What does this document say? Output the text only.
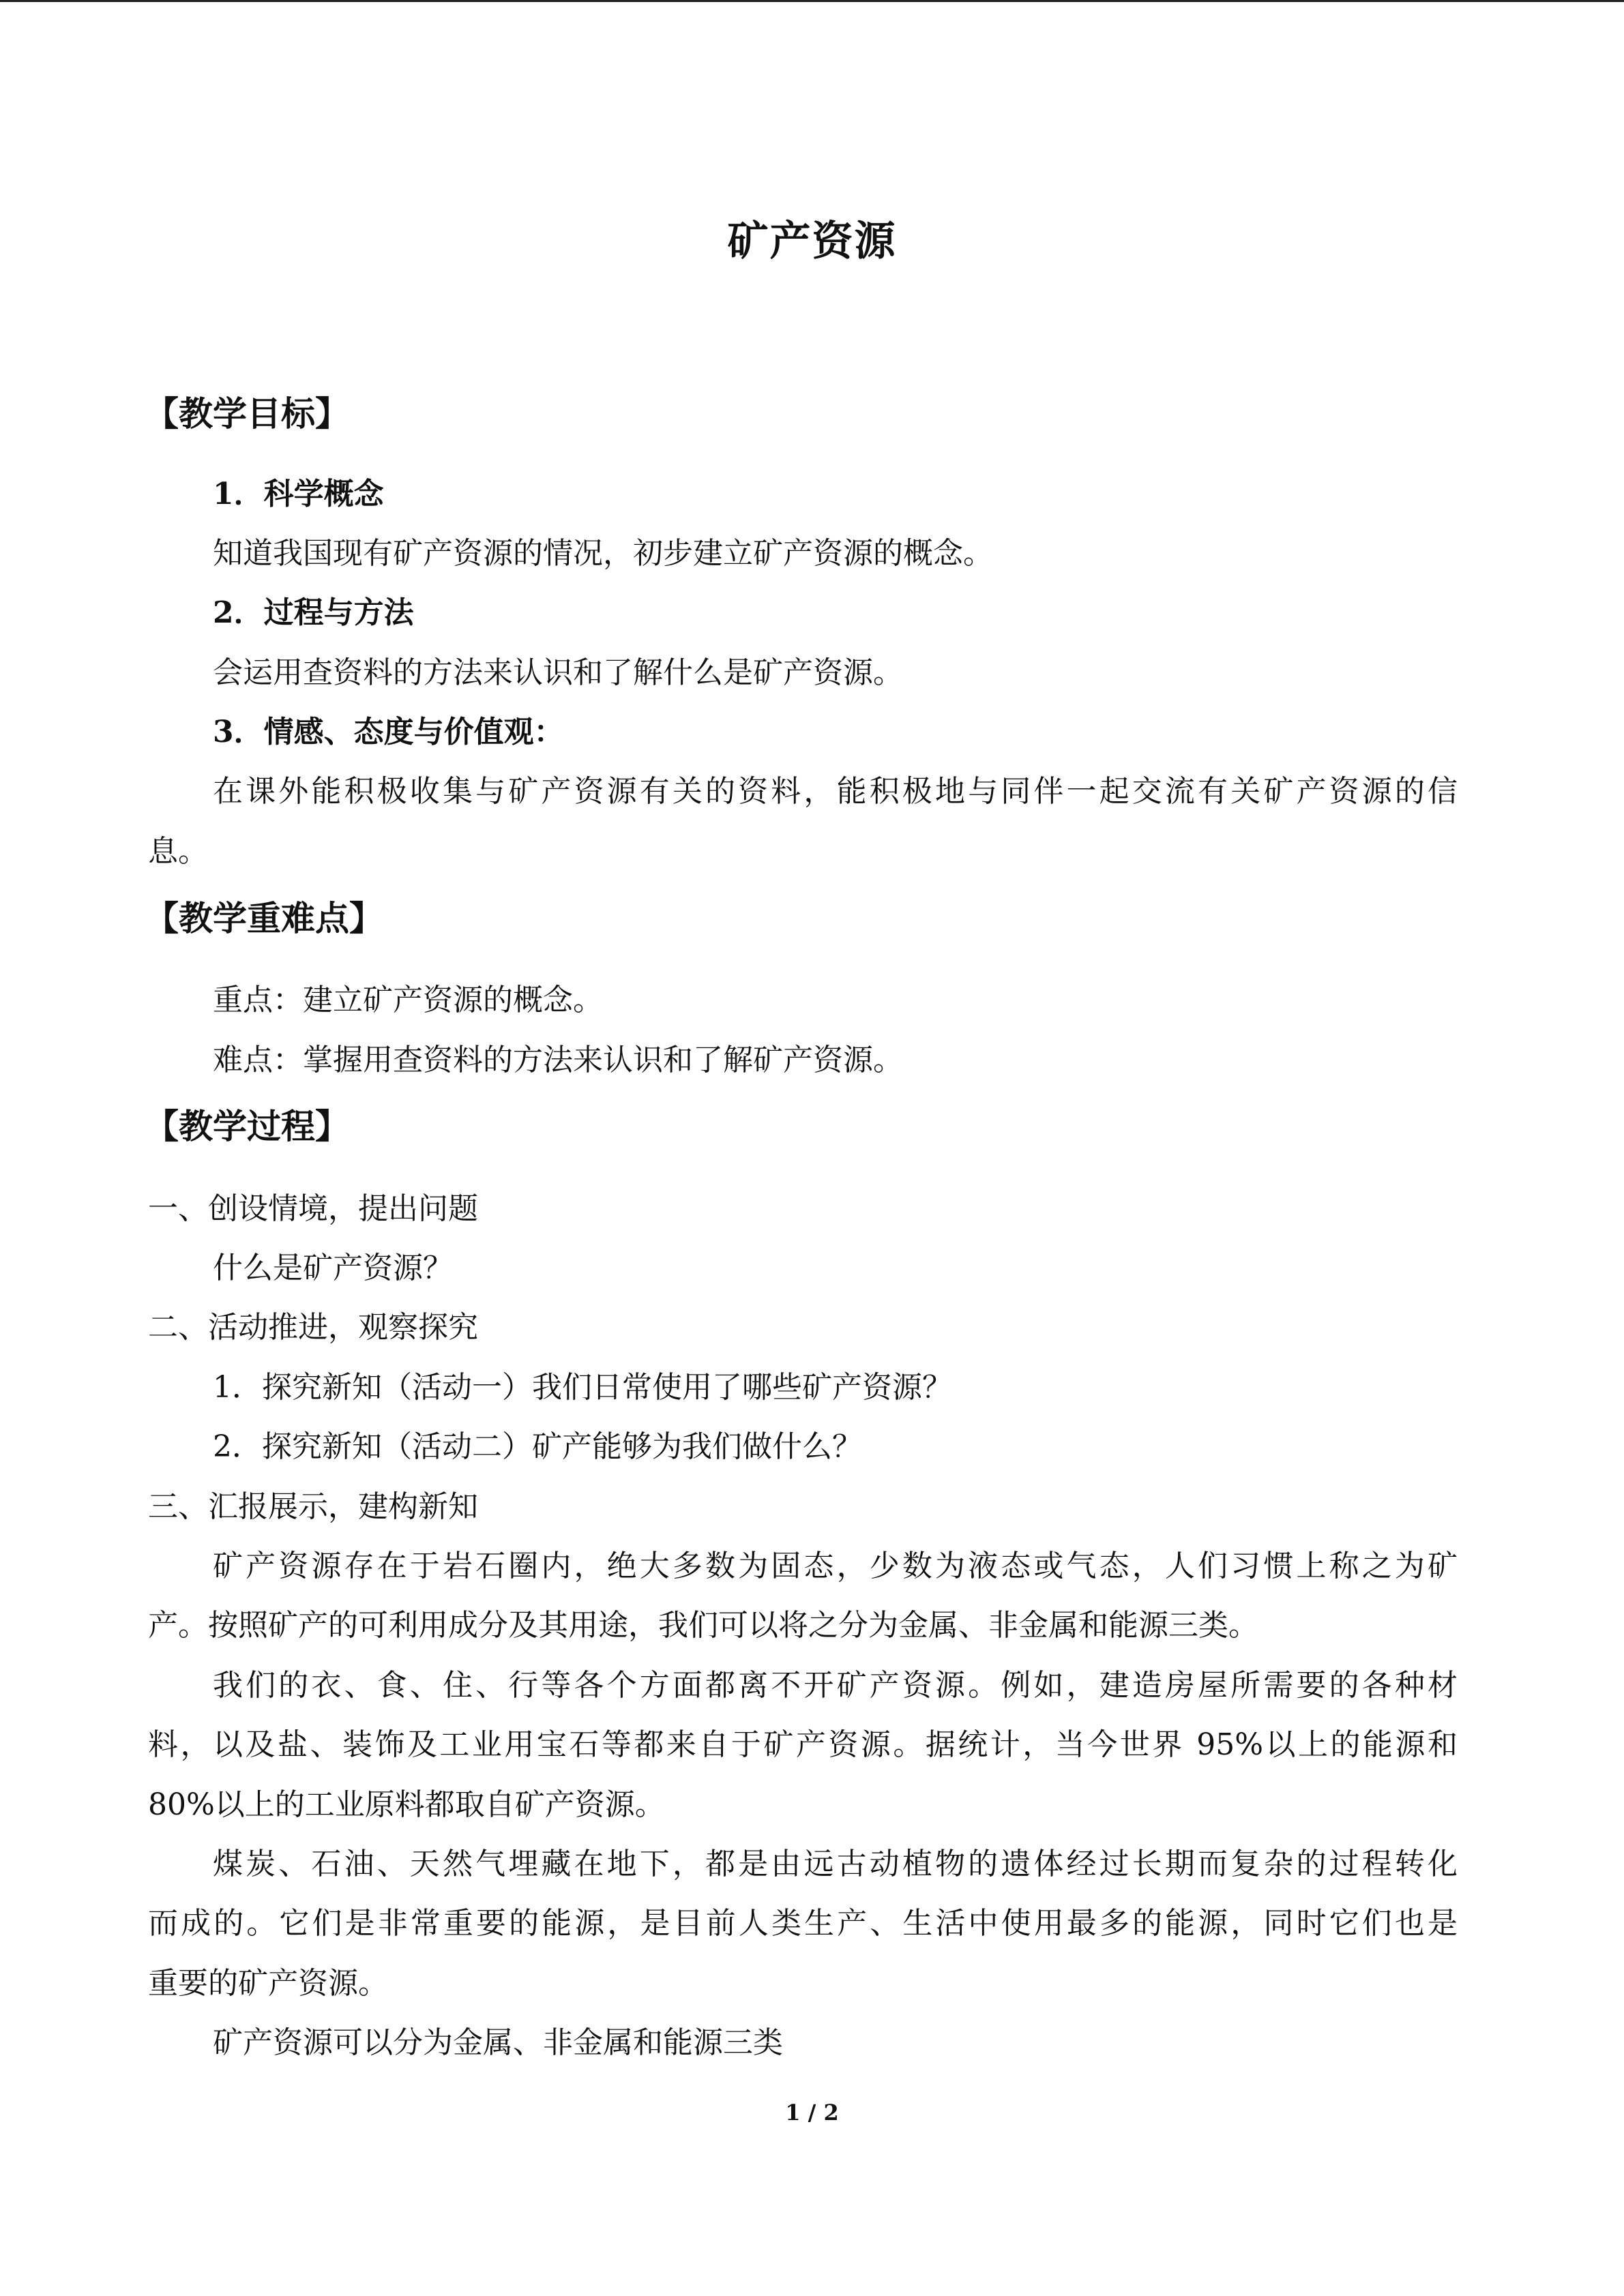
矿产资源
【教学目标】
1．科学概念
知道我国现有矿产资源的情况，初步建立矿产资源的概念。
2．过程与方法
会运用查资料的方法来认识和了解什么是矿产资源。
3．情感、态度与价值观：
在课外能积极收集与矿产资源有关的资料，能积极地与同伴一起交流有关矿产资源的信
息。
【教学重难点】
重点：建立矿产资源的概念。
难点：掌握用查资料的方法来认识和了解矿产资源。
【教学过程】
一、创设情境，提出问题
什么是矿产资源？
二、活动推进，观察探究
1．探究新知（活动一）我们日常使用了哪些矿产资源？
2．探究新知（活动二）矿产能够为我们做什么？
三、汇报展示，建构新知
矿产资源存在于岩石圈内，绝大多数为固态，少数为液态或气态，人们习惯上称之为矿
产。按照矿产的可利用成分及其用途，我们可以将之分为金属、非金属和能源三类。
我们的衣、食、住、行等各个方面都离不开矿产资源。例如，建造房屋所需要的各种材
料，以及盐、装饰及工业用宝石等都来自于矿产资源。据统计，当今世界 95%以上的能源和
80%以上的工业原料都取自矿产资源。
煤炭、石油、天然气埋藏在地下，都是由远古动植物的遗体经过长期而复杂的过程转化
而成的。它们是非常重要的能源，是目前人类生产、生活中使用最多的能源，同时它们也是
重要的矿产资源。
矿产资源可以分为金属、非金属和能源三类
1 / 2
